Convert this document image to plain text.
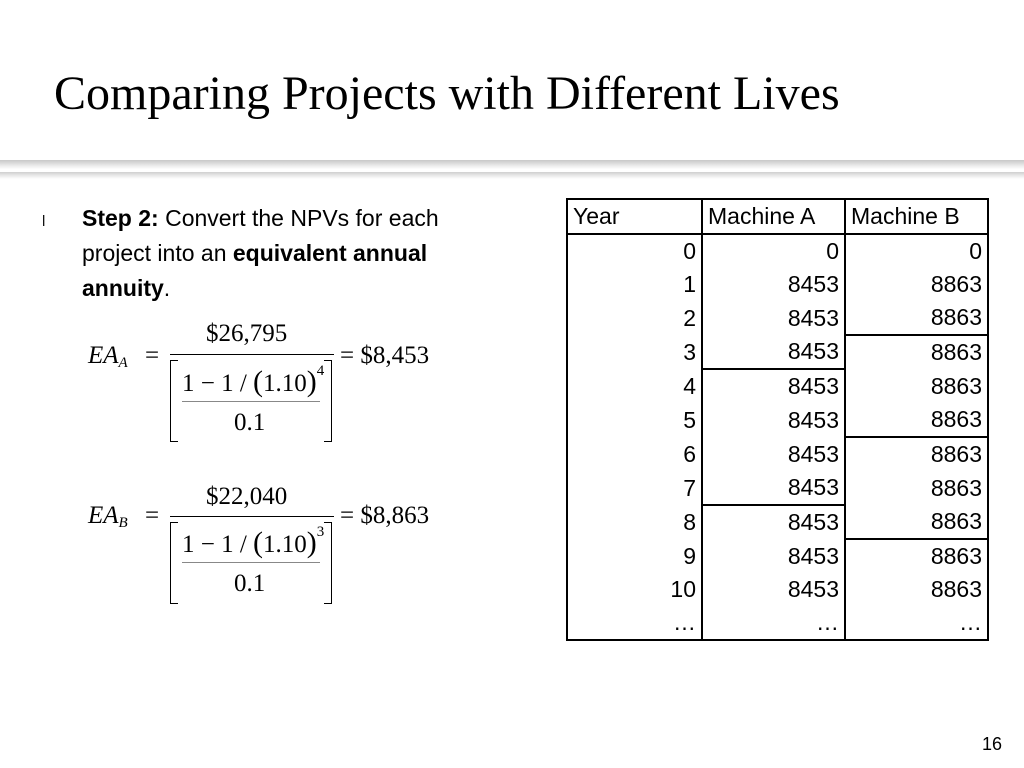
Comparing Projects with Different Lives
l Step 2: Convert the NPVs for each project into an equivalent annual annuity.
$EA_A$ =
$26,795
$1 - 1 / (1.10)^4$
0.1
= $8,453
$EA_B$ =
$22,040
$1 - 1 / (1.10)^3$
0.1
= $8,863
Year	Machine A	Machine B
0	0	0
1	8453	8863
2	8453	8863
3	8453	8863
4	8453	8863
5	8453	8863
6	8453	8863
7	8453	8863
8	8453	8863
9	8453	8863
10	8453	8863
…	…	…
16
